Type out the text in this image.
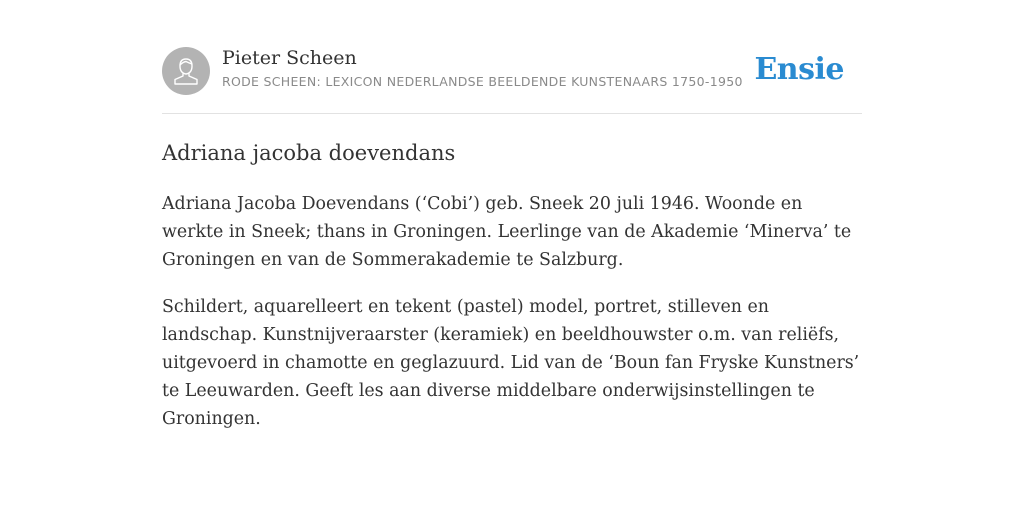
Pieter Scheen
RODE SCHEEN: LEXICON NEDERLANDSE BEELDENDE KUNSTENAARS 1750-1950 Ensie
Adriana jacoba doevendans

Adriana Jacoba Doevendans (‘Cobi’) geb. Sneek 20 juli 1946. Woonde en werkte in Sneek; thans in Groningen. Leerlinge van de Akademie ‘Minerva’ te Groningen en van de Sommerakademie te Salzburg.

Schildert, aquarelleert en tekent (pastel) model, portret, stilleven en landschap. Kunstnijveraarster (keramiek) en beeldhouwster o.m. van reliëfs, uitgevoerd in chamotte en geglazuurd. Lid van de ‘Boun fan Fryske Kunstners’ te Leeuwarden. Geeft les aan diverse middelbare onderwijsinstellingen te Groningen.
